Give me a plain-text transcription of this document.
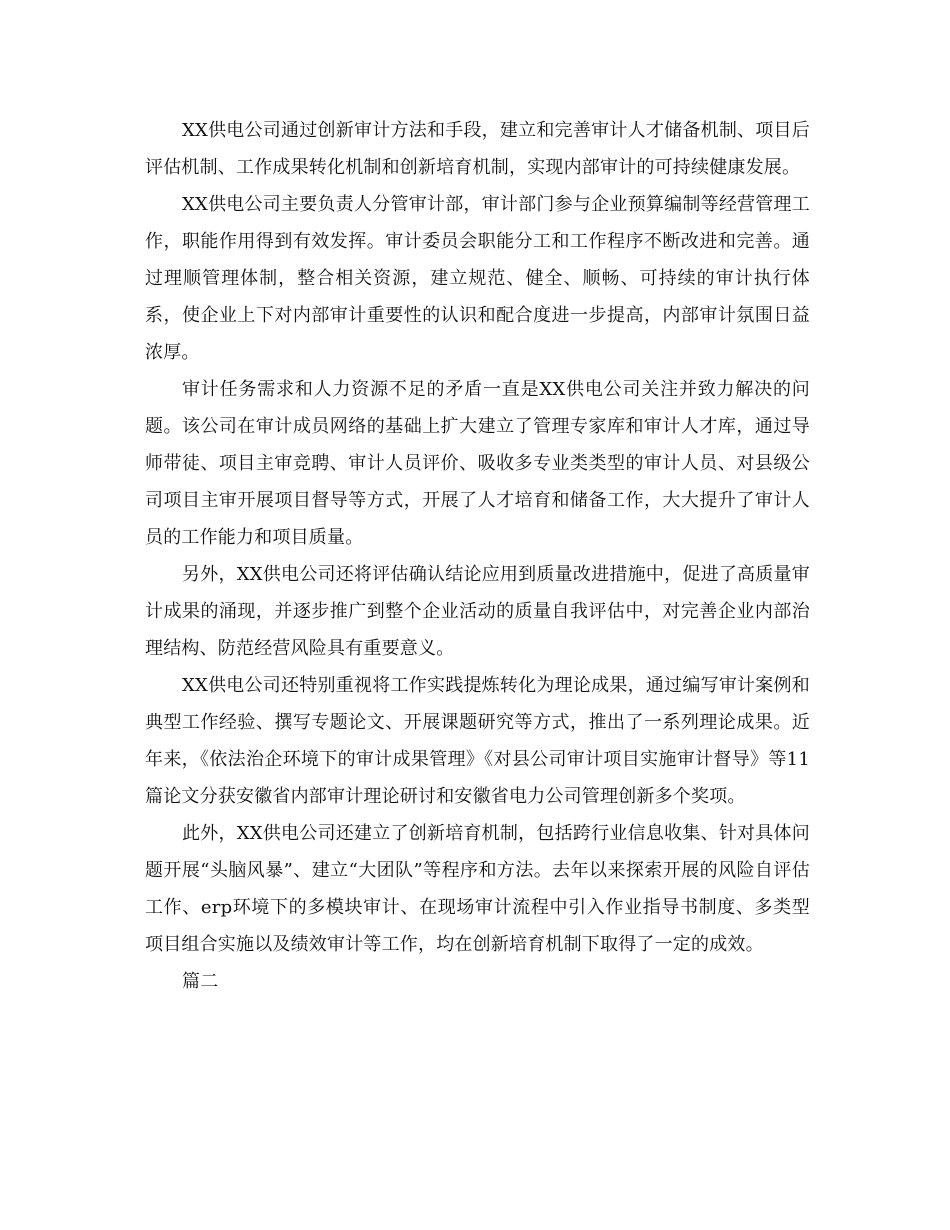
XX供电公司通过创新审计方法和手段，建立和完善审计人才储备机制、项目后评估机制、工作成果转化机制和创新培育机制，实现内部审计的可持续健康发展。

XX供电公司主要负责人分管审计部，审计部门参与企业预算编制等经营管理工作，职能作用得到有效发挥。审计委员会职能分工和工作程序不断改进和完善。通过理顺管理体制，整合相关资源，建立规范、健全、顺畅、可持续的审计执行体系，使企业上下对内部审计重要性的认识和配合度进一步提高，内部审计氛围日益浓厚。

审计任务需求和人力资源不足的矛盾一直是XX供电公司关注并致力解决的问题。该公司在审计成员网络的基础上扩大建立了管理专家库和审计人才库，通过导师带徒、项目主审竞聘、审计人员评价、吸收多专业类类型的审计人员、对县级公司项目主审开展项目督导等方式，开展了人才培育和储备工作，大大提升了审计人员的工作能力和项目质量。

另外，XX供电公司还将评估确认结论应用到质量改进措施中，促进了高质量审计成果的涌现，并逐步推广到整个企业活动的质量自我评估中，对完善企业内部治理结构、防范经营风险具有重要意义。

XX供电公司还特别重视将工作实践提炼转化为理论成果，通过编写审计案例和典型工作经验、撰写专题论文、开展课题研究等方式，推出了一系列理论成果。近年来，《依法治企环境下的审计成果管理》《对县公司审计项目实施审计督导》等11篇论文分获安徽省内部审计理论研讨和安徽省电力公司管理创新多个奖项。

此外，XX供电公司还建立了创新培育机制，包括跨行业信息收集、针对具体问题开展“头脑风暴”、建立“大团队”等程序和方法。去年以来探索开展的风险自评估工作、erp环境下的多模块审计、在现场审计流程中引入作业指导书制度、多类型项目组合实施以及绩效审计等工作，均在创新培育机制下取得了一定的成效。

篇二
